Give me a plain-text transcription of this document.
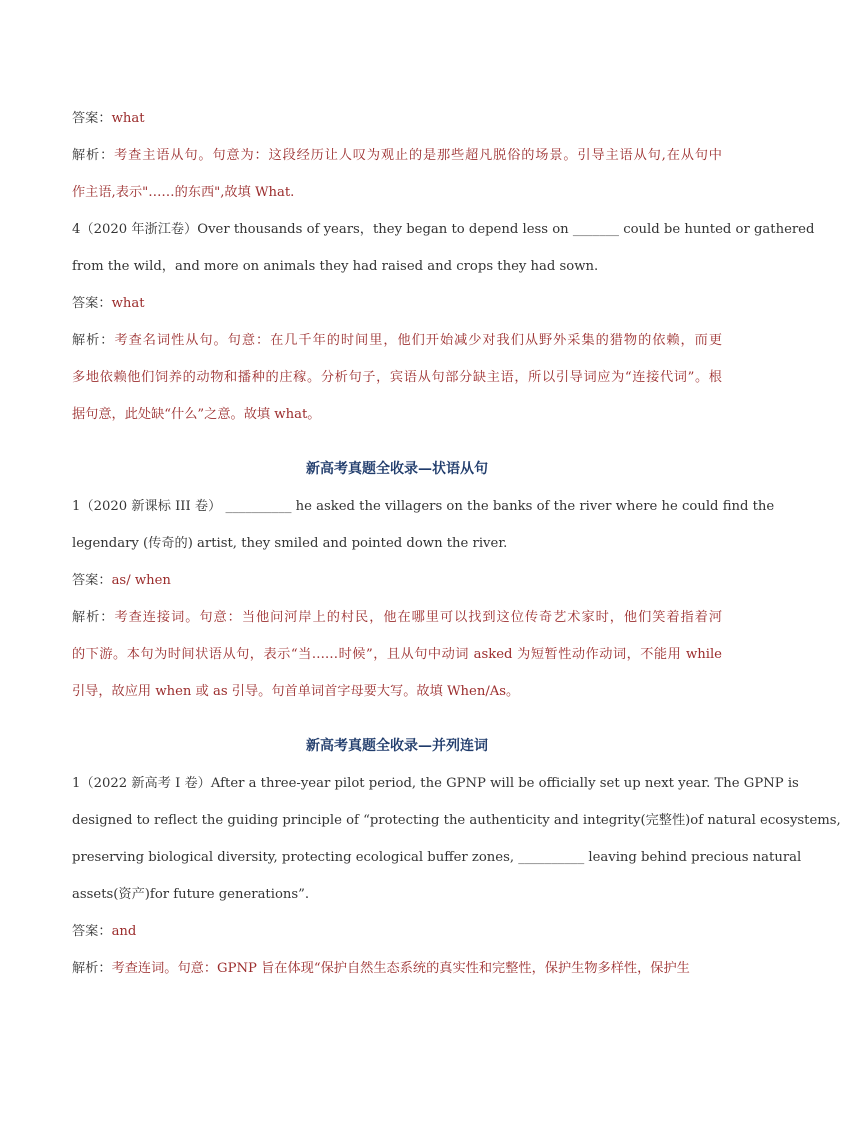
答案：what

解析：考查主语从句。句意为：这段经历让人叹为观止的是那些超凡脱俗的场景。引导主语从句,在从句中

作主语,表示"……的东西",故填 What.

4（2020 年浙江卷）Over thousands of years，they began to depend less on _______ could be hunted or gathered

from the wild，and more on animals they had raised and crops they had sown.

答案：what

解析：考查名词性从句。句意：在几千年的时间里，他们开始减少对我们从野外采集的猎物的依赖，而更

多地依赖他们饲养的动物和播种的庄稼。分析句子，宾语从句部分缺主语，所以引导词应为“连接代词”。根

据句意，此处缺“什么”之意。故填 what。

新高考真题全收录—状语从句

1（2020 新课标 III 卷） __________ he asked the villagers on the banks of the river where he could find the

legendary (传奇的) artist, they smiled and pointed down the river.

答案：as/ when

解析：考查连接词。句意：当他问河岸上的村民，他在哪里可以找到这位传奇艺术家时，他们笑着指着河

的下游。本句为时间状语从句，表示“当……时候”，且从句中动词 asked 为短暂性动作动词，不能用 while

引导，故应用 when 或 as 引导。句首单词首字母要大写。故填 When/As。

新高考真题全收录—并列连词

1（2022 新高考 I 卷）After a three-year pilot period, the GPNP will be officially set up next year. The GPNP is

designed to reflect the guiding principle of “protecting the authenticity and integrity(完整性)of natural ecosystems,

preserving biological diversity, protecting ecological buffer zones, __________ leaving behind precious natural

assets(资产)for future generations”.

答案：and

解析：考查连词。句意：GPNP 旨在体现“保护自然生态系统的真实性和完整性，保护生物多样性，保护生
